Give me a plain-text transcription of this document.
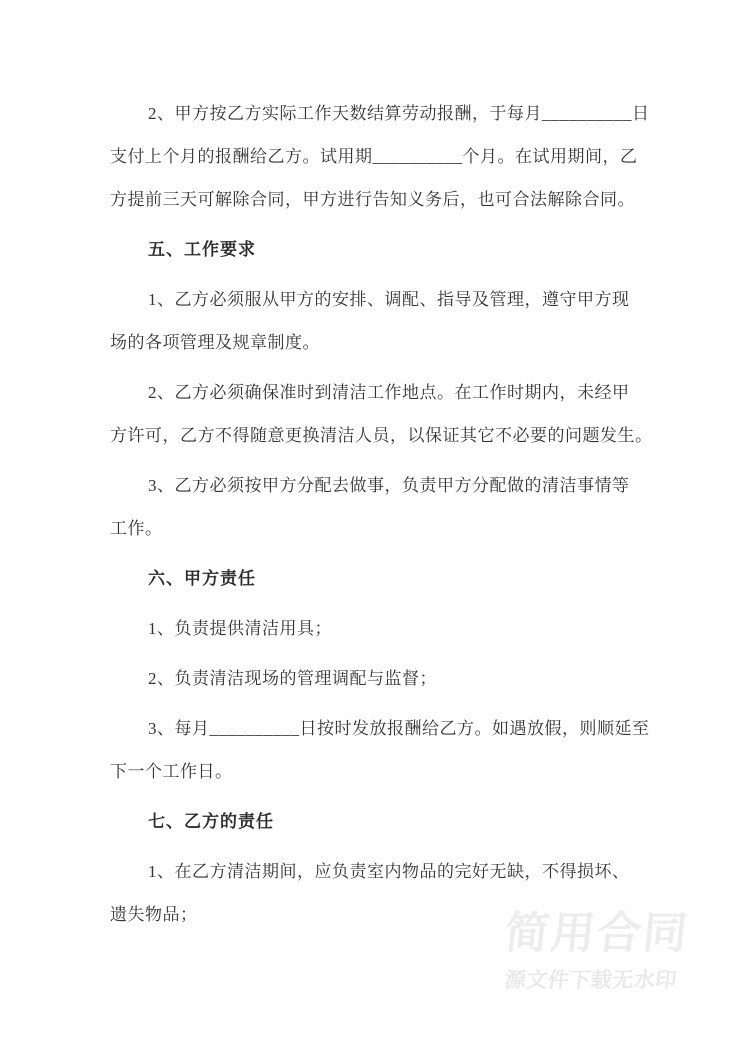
2、甲方按乙方实际工作天数结算劳动报酬，于每月__________日
支付上个月的报酬给乙方。试用期__________个月。在试用期间，乙
方提前三天可解除合同，甲方进行告知义务后，也可合法解除合同。
五、工作要求
1、乙方必须服从甲方的安排、调配、指导及管理，遵守甲方现
场的各项管理及规章制度。
2、乙方必须确保准时到清洁工作地点。在工作时期内，未经甲
方许可，乙方不得随意更换清洁人员，以保证其它不必要的问题发生。
3、乙方必须按甲方分配去做事，负责甲方分配做的清洁事情等
工作。
六、甲方责任
1、负责提供清洁用具；
2、负责清洁现场的管理调配与监督；
3、每月__________日按时发放报酬给乙方。如遇放假，则顺延至
下一个工作日。
七、乙方的责任
1、在乙方清洁期间，应负责室内物品的完好无缺，不得损坏、
遗失物品；	简用合同
源文件下载无水印
